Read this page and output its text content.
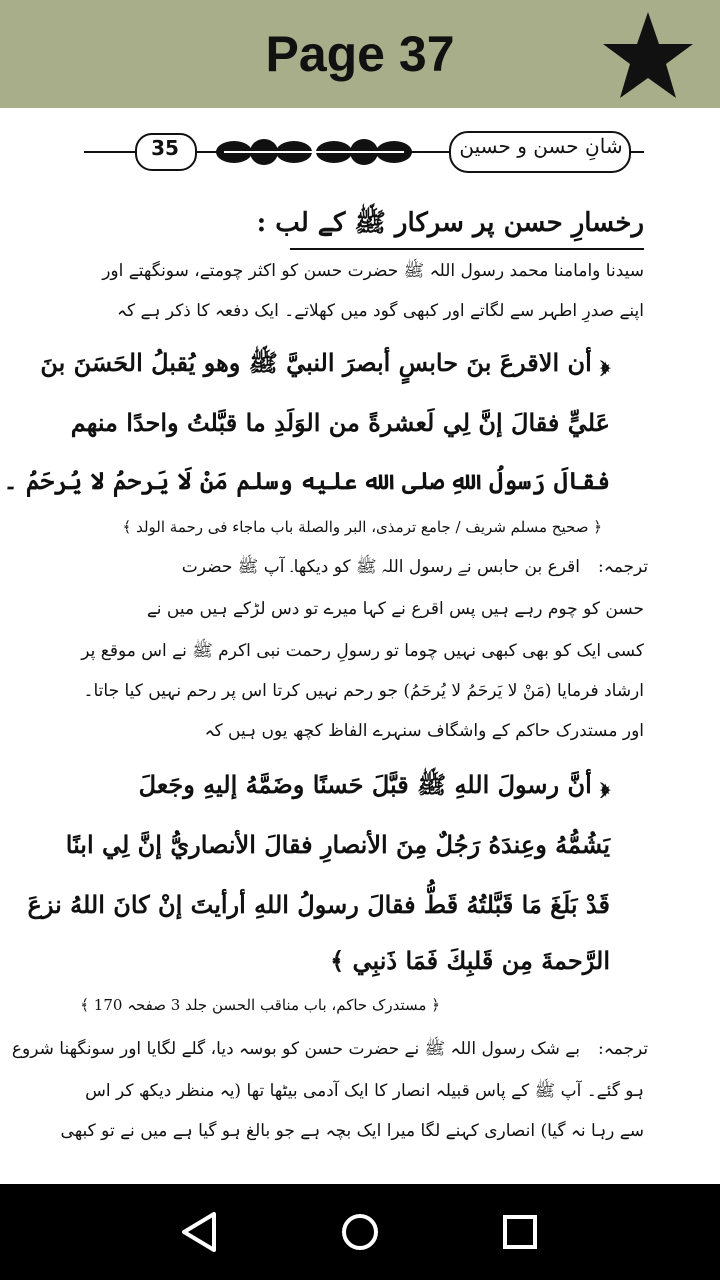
Page 37
35	شانِ حسن و حسین
رخسارِ حسن پر سرکار ﷺ کے لب :
سیدنا وامامنا محمد رسول اللہ ﷺ حضرت حسن کو اکثر چومتے، سونگھتے اور
اپنے صدرِ اطہر سے لگاتے اور کبھی گود میں کھلاتے۔ ایک دفعہ کا ذکر ہے کہ
﴿ أن الاقرعَ بنَ حابسٍ أبصرَ النبيَّ ﷺ وهو يُقبلُ الحَسَنَ بنَ
عَليٍّ فقالَ إنَّ لِي لَعشرةً من الوَلَدِ ما قبَّلتُ واحدًا منهم
فقالَ رَسولُ اللهِ صلى الله عليه وسلم مَنْ لَا يَرحمُ لا يُرحَمُ ۔
﴿ صحیح مسلم شریف / جامع ترمذی، البر والصلة باب ماجاء فی رحمة الولد ﴾
ترجمہ:
اقرع بن حابس نے رسول اللہ ﷺ کو دیکھا۔ آپ ﷺ حضرت
حسن کو چوم رہے ہیں پس اقرع نے کہا میرے تو دس لڑکے ہیں میں نے
کسی ایک کو بھی کبھی نہیں چوما تو رسولِ رحمت نبی اکرم ﷺ نے اس موقع پر
ارشاد فرمایا (مَنْ لا یَرحَمُ لا یُرحَمُ) جو رحم نہیں کرتا اس پر رحم نہیں کیا جاتا۔
اور مستدرک حاکم کے واشگاف سنہرے الفاظ کچھ یوں ہیں کہ
﴿ أنَّ رسولَ اللهِ ﷺ قبَّلَ حَسنًا وضَمَّهُ إليهِ وجَعلَ
يَشُمُّهُ وعِندَهُ رَجُلٌ مِنَ الأنصارِ فقالَ الأنصاريُّ إنَّ لِي ابنًا
قَدْ بَلَغَ مَا قَبَّلتُهُ قَطُّ فقالَ رسولُ اللهِ أرأيتَ إنْ كانَ اللهُ نزعَ
الرَّحمةَ مِن قَلبِكَ فَمَا ذَنبِي ﴾
﴿ مستدرک حاکم، باب مناقب الحسن جلد 3 صفحہ 170 ﴾
ترجمہ:
بے شک رسول اللہ ﷺ نے حضرت حسن کو بوسہ دیا، گلے لگایا اور سونگھنا شروع
ہو گئے۔ آپ ﷺ کے پاس قبیلہ انصار کا ایک آدمی بیٹھا تھا (یہ منظر دیکھ کر اس
سے رہا نہ گیا) انصاری کہنے لگا میرا ایک بچہ ہے جو بالغ ہو گیا ہے میں نے تو کبھی
